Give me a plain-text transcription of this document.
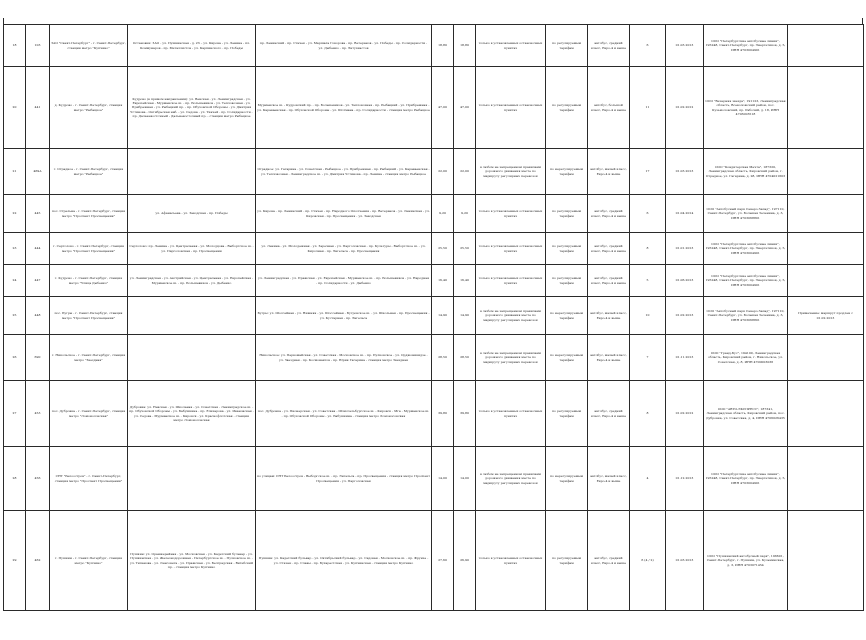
18	103	ЗАО "Санкт-Петербург" - г. Санкт-Петербург, станция метро "Купчино"	Остановки: ЗАО - ул. Пушкинская - д. 23 – ул. Кирова - ул. Ленина - пл. Коммунаров - пр. Металлистов - ул. Карпинского - пр. Победы	пр. Ленинский - пр. Стачек - ул. Маршала Говорова - пр. Ветеранов - ул. Победы - пр. Солидарности - ул. Дыбенко - пр. Энтузиастов	18,80	18,80	только в установленных остановочных пунктах	по регулируемым тарифам	автобус, средний класс, Евро-4 и выше	6	01.03.2013	ООО "Петербургские автобусные линии", 195248, Санкт-Петербург, пр. Энергетиков, д. 5, ИНН 4703004901	
20	441	д. Кудрово - г. Санкт-Петербург, станция метро "Рыбацкое"	Кудрово (в прямом направлении): ул. Венская - ул. Ленинградская - ул. Европейская - Мурманское ш. - пр. Большевиков - ул. Тепловозная - ул. Прибрежная - ул. Рыбацкий пр. - пр. Обуховской Обороны - ул. Дмитрия Устинова - Октябрьская наб. - ул. Седова - ул. Ткачей - пр. Солидарности - пр. Дальневосточный - Дальневосточный пр. - станция метро Рыбацкое	Мурманское ш. - Кудровский пр. - пр. Большевиков - ул. Тепловозная - пр. Рыбацкий - ул. Прибрежная - ул. Караваевская - пр. Обуховской Обороны - ул. Шотмана - пр. Солидарности - станция метро Рыбацкое	47,00	47,00	только в установленных остановочных пунктах	по регулируемым тарифам	автобус, большой класс, Евро-4 и выше	11	01.02.2012	ООО "Вечерняя звезда", 191123, Ленинградская область, Всеволожский район, пос. Кузьмоловский, пр. Рабочий, д. 18, ИНН 4703003518	
21	469А	г. Отрадное - г. Санкт-Петербург, станция метро "Рыбацкое"		Отрадное: ул. Гагарина - ул. Советская - Рыбацкое - ул. Прибрежная - пр. Рыбацкий - ул. Караваевская - ул. Тепловозная - Ленинградское ш. - ул. Дмитрия Устинова - пр. Ленина - станция метро Рыбацкое	22,00	22,00	в любом не запрещенном правилами дорожного движения месте по маршруту регулярных перевозок	по нерегулируемым тарифам	автобус, малый класс, Евро-4 и выше	17	01.03.2013	ООО "Кондитерская Мечта", 187320, Ленинградская область, Кировский район, г. Отрадное, ул. Гагарина, д. 28, ИНН 4704021603	
22	445	пос. Стрельна - г. Санкт-Петербург, станция метро "Проспект Просвещения"	ул. Афанасьева - ул. Заводская - пр. Победы	ул. Кирова - пр. Ленинский - пр. Стачек - пр. Народного Ополчения - пр. Ветеранов - ул. Ленинская - ул. Кировская - пр. Просвещения - ул. Заводская	9,20	9,20	только в установленных остановочных пунктах	по регулируемым тарифам	автобус, средний класс, Евро-4 и выше	6	01.04.2014	ООО "Автобусный парк Северо-Запад", 197110, Санкт-Петербург, ул. Большая Зеленина, д. 3, ИНН 4703068801	
23	444	г. Сертолово - г. Санкт-Петербург, станция метро "Проспект Просвещения"	Сертолово: пр. Ленина - ул. Центральная - ул. Молодцова - Выборгское ш. - ул. Парголовская - пр. Просвещения	ул. Ленина - ул. Молодежная - ул. Заречная - ул. Парголовская - пр. Культуры - Выборгское ш. - ул. Кирочная - пр. Энгельса - пр. Просвещения	25,50	25,50	только в установленных остановочных пунктах	по регулируемым тарифам	автобус, средний класс, Евро-4 и выше	8	01.01.2013	ООО "Петербургские автобусные линии", 195248, Санкт-Петербург, пр. Энергетиков, д. 5, ИНН 4703004901	
24	447	г. Кудрово - г. Санкт-Петербург, станция метро "Улица Дыбенко"	ул. Ленинградская - ул. Австрийская - ул. Центральная - ул. Европейская - Мурманское ш. - пр. Большевиков - ул. Дыбенко	ул. Ленинградская - ул. Пражская - ул. Европейская - Мурманское ш. - пр. Большевиков - ул. Народная - пр. Солидарности - ул. Дыбенко	16,40	16,40	только в установленных остановочных пунктах	по регулируемым тарифам	автобус, средний класс, Евро-4 и выше	5	01.06.2013	ООО "Петербургские автобусные линии", 195248, Санкт-Петербург, пр. Энергетиков, д. 5, ИНН 4703004901	
25	448	пос. Бугры - г. Санкт-Петербург, станция метро "Проспект Просвещения"		Бугры: ул. Шоссейная - ул. Нижняя - ул. Шоссейная - Бугровское ш. - ул. Школьная - пр. Просвещения - ул. Кустарная - пр. Энгельса	14,90	14,90	в любом не запрещенном правилами дорожного движения месте по маршруту регулярных перевозок	по нерегулируемым тарифам	автобус, малый класс, Евро-4 и выше	10	01.02.2013	ООО "Автобусный парк Северо-Запад", 197110, Санкт-Петербург, ул. Большая Зеленина, д. 3, ИНН 4703068801	Примечание: маршрут продлен с 01.02.2013
26	690	г. Никольское - г. Санкт-Петербург, станция метро "Звездная"		Никольское: ул. Первомайская - ул. Советская - Московское ш. - пр. Пулковское - ул. Орджоникидзе - ул. Звездная - пр. Космонавтов - пр. Юрия Гагарина - станция метро Звездная	28,50	28,50	в любом не запрещенном правилами дорожного движения месте по маршруту регулярных перевозок	по нерегулируемым тарифам	автобус, малый класс, Евро-4 и выше	7	01.11.2013	ООО "Гранд-Бус", 194100, Ленинградская область, Кировский район, г. Никольское, ул. Советская, д. 8, ИНН 4700003036	
27	453	пос. Дубровка - г. Санкт-Петербург, станция метро "Ломоносовская"	Дубровка: ул. Невская - ул. Школьная - ул. Советская - Ленинградское ш. - пр. Обуховской Обороны - ул. Бабушкина - пр. Елизарова - ул. Ивановская - ул. Седова - Мурманское ш. - Кировск - ул. Краснофлотская - станция метро Ломоносовская	пос. Дубровка - ул. Пионерская - ул. Советская - Шлиссельбургское ш. - Кировск - Мга - Мурманское ш. - пр. Обуховской Обороны - ул. Бабушкина - станция метро Ломоносовская	39,80	39,80	только в установленных остановочных пунктах	по регулируемым тарифам	автобус, средний класс, Евро-4 и выше	8	01.02.2012	ООО "АВТО-ЭКСПРЕСС", 187341, Ленинградская область, Кировский район, пос. Дубровка, ул. Советская, д. 4, ИНН 4706026435	
28	456	СНТ "Белоостров" - г. Санкт-Петербург, станция метро "Проспект Просвещения"		по улицам: СНТ Белоостров - Выборгское ш. - пр. Энгельса - пр. Просвещения - станция метро Проспект Просвещения - ул. Парголовская	14,00	14,00	в любом не запрещенном правилами дорожного движения месте по маршруту регулярных перевозок	по нерегулируемым тарифам	автобус, малый класс, Евро-4 и выше	4	01.12.2013	ООО "Петербургские автобусные линии", 195248, Санкт-Петербург, пр. Энергетиков, д. 5, ИНН 4703004901	
29	462	г. Пушкин - г. Санкт-Петербург, станция метро "Купчино"	Пушкин: ул. Оранжерейная - ул. Московская - ул. Кадетский бульвар - ул. Пушкинская - ул. Железнодорожная - Петербургское ш. - Пулковское ш. - ул. Типанова - ул. Ленсовета - ул. Пражская - ул. Белградская - Витебский пр. - станция метро Купчино	Пушкин: ул. Кадетский бульвар - ул. Октябрьский бульвар - ул. Садовая - Московское ш. - пр. Фрунзе - ул. Стачек - пр. Славы - пр. Бухарестская - ул. Купчинская - станция метро Купчино	27,60	26,90	только в установленных остановочных пунктах	по регулируемым тарифам	автобус, средний класс, Евро-4 и выше	6 (4 / 2)	01.03.2013	ООО "Пушкинский автобусный парк", 196601, Санкт-Петербург, г. Пушкин, ул. Кузьминская, д. 3, ИНН 4703071454	
